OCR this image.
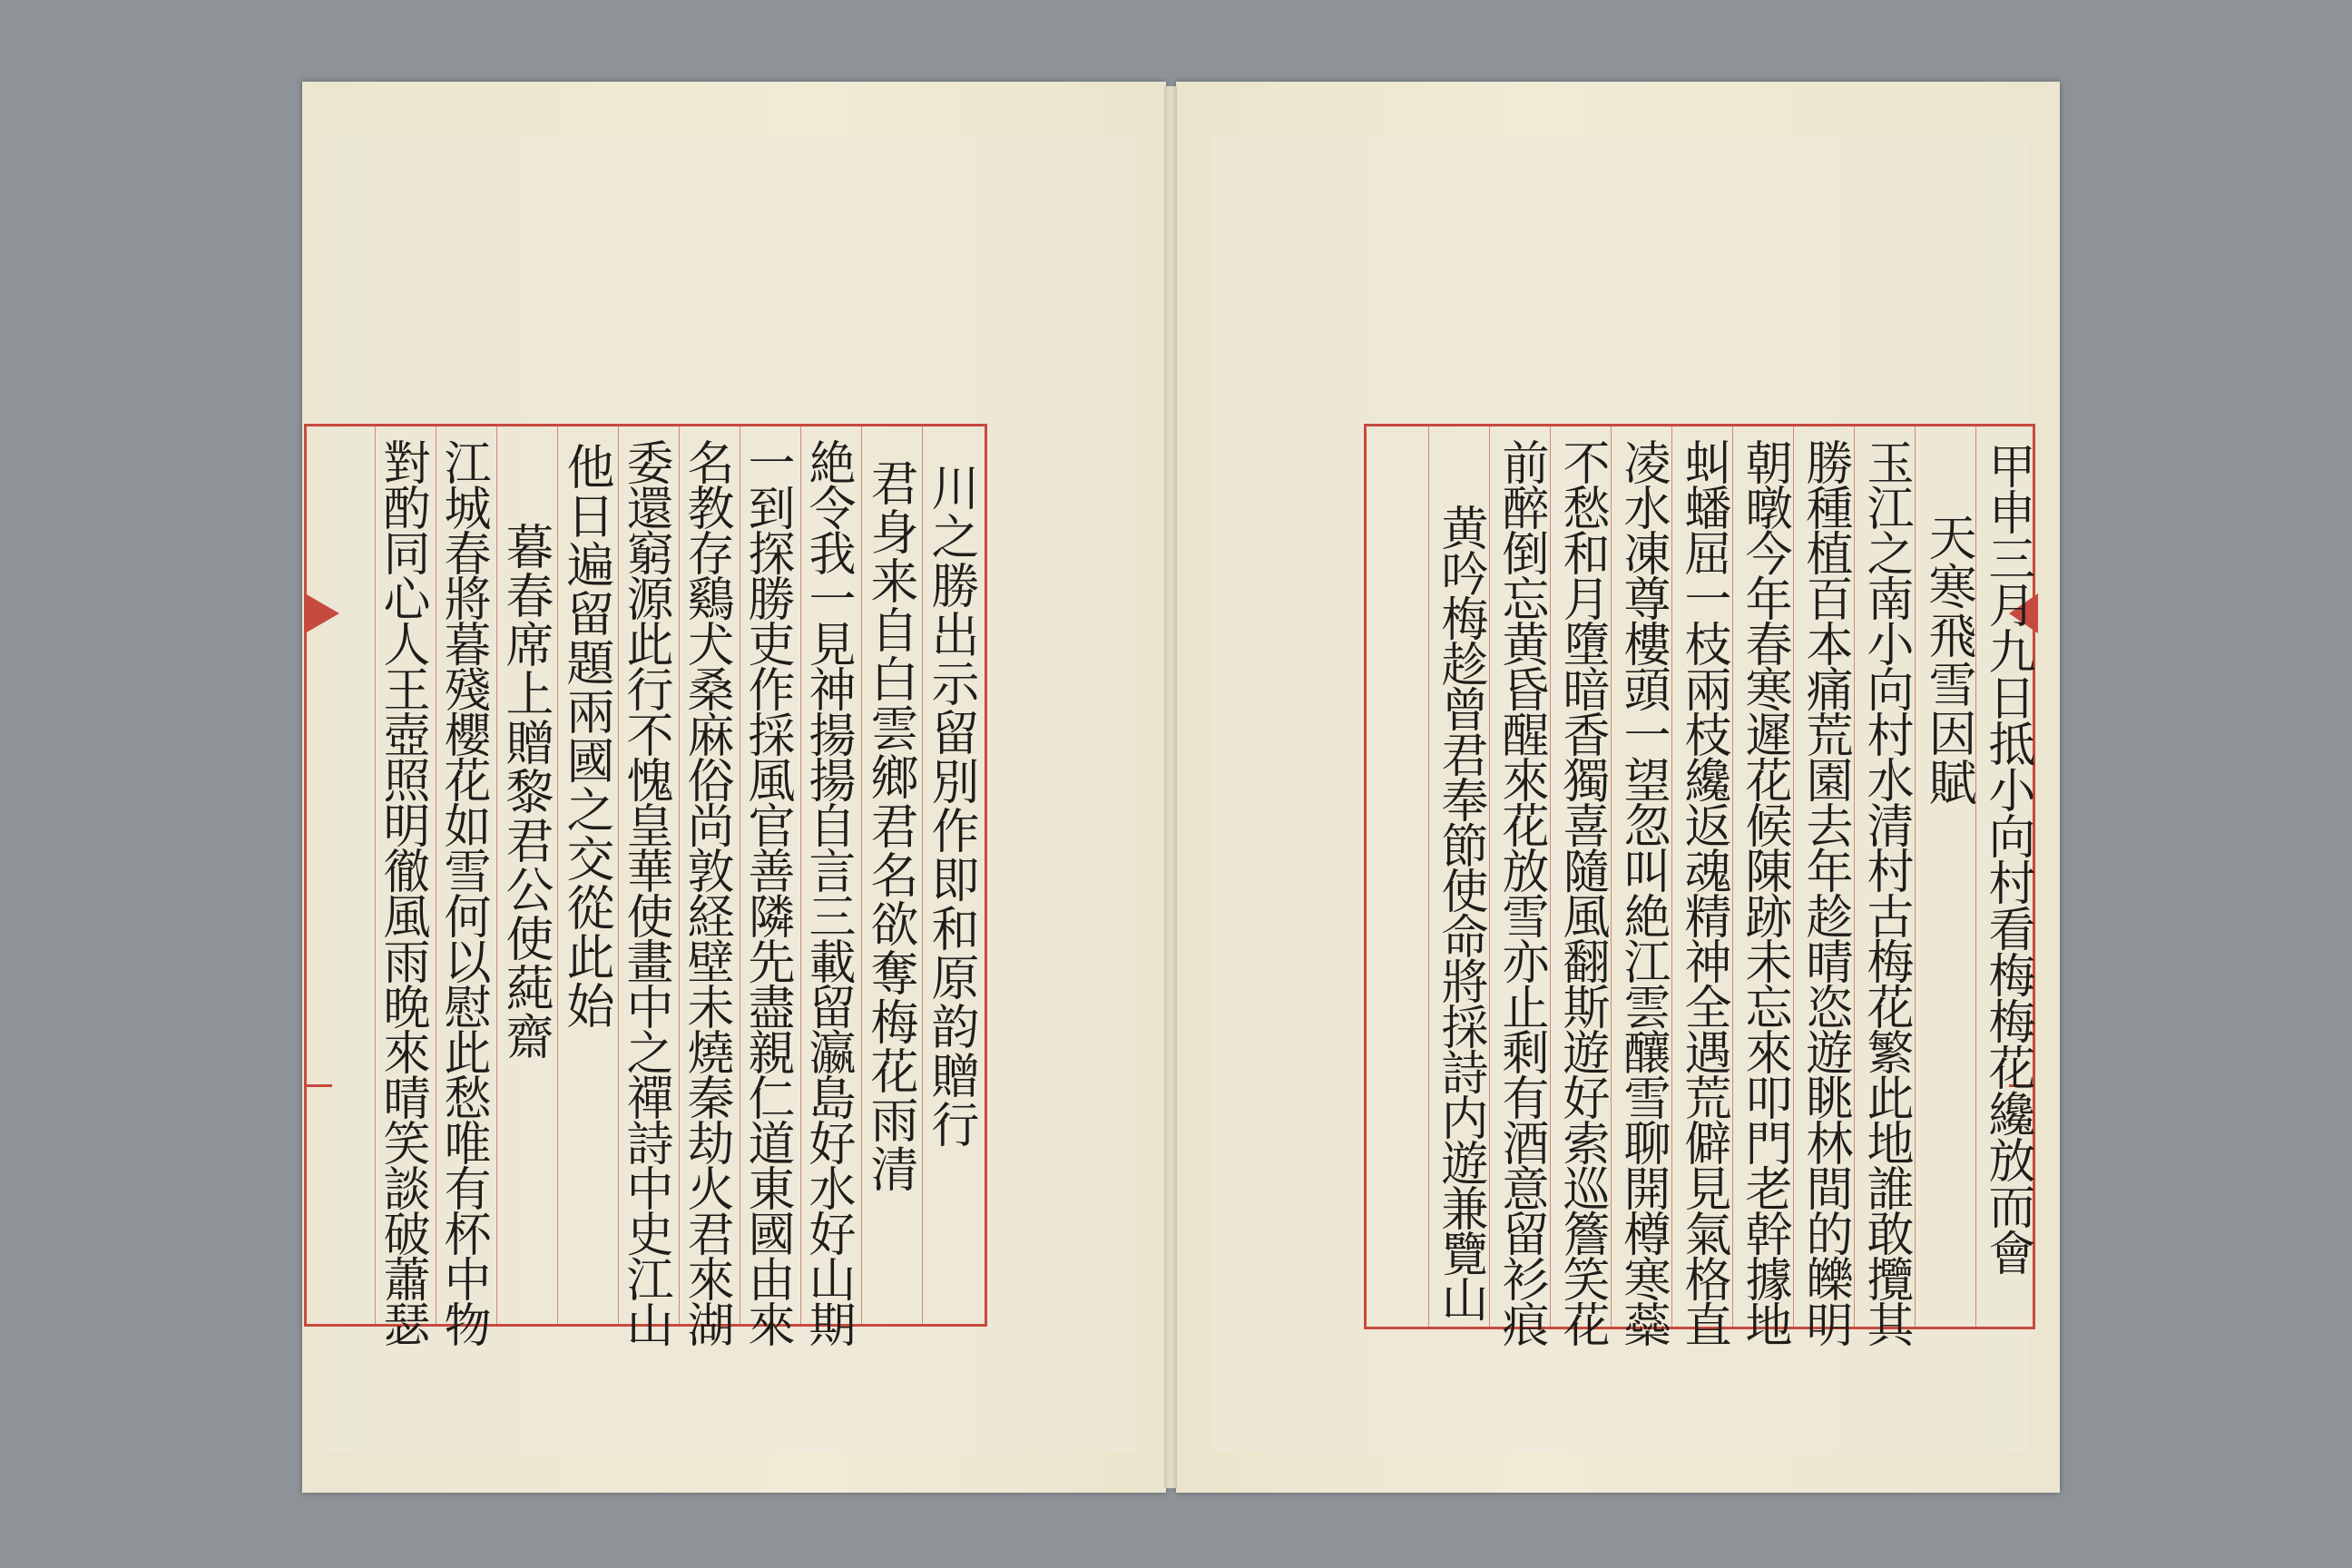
川之勝出示留別作即和原韵贈行
君身来自白雲鄉君名欲奪梅花雨清
絶令我一見神揚揚自言三載留瀛島好水好山期
一到探勝吏作採風官善隣先盡親仁道東國由來
名教存鷄犬桑麻俗尚敦経壁未燒秦劫火君來湖
委還窮源此行不愧皇華使畫中之禪詩中史江山
他日遍留題兩國之交從此始
暮春席上贈黎君公使蒓齋
江城春將暮殘櫻花如雪何以慰此愁唯有杯中物
對酌同心人王壺照明徹風雨晚來晴笑談破蕭瑟	甲申三月九日抵小向村看梅梅花纔放而會
天寒飛雪因賦
玉江之南小向村水清村古梅花繁此地誰敢攬其
勝種植百本痛荒園去年趁晴恣遊眺林間的皪明
朝暾今年春寒遲花候陳跡未忘來叩門老幹據地
虯蟠屈一枝兩枝纔返魂精神全遇荒僻見氣格直
凌水凍尊樓頭一望忽叫絶江雲釀雪聊開樽寒蘂
不愁和月墮暗香獨喜隨風翻斯遊好索巡簷笑花
前醉倒忘黄昏醒來花放雪亦止剩有酒意留衫痕
黄吟梅趁曾君奉節使命將採詩内遊兼覽山
